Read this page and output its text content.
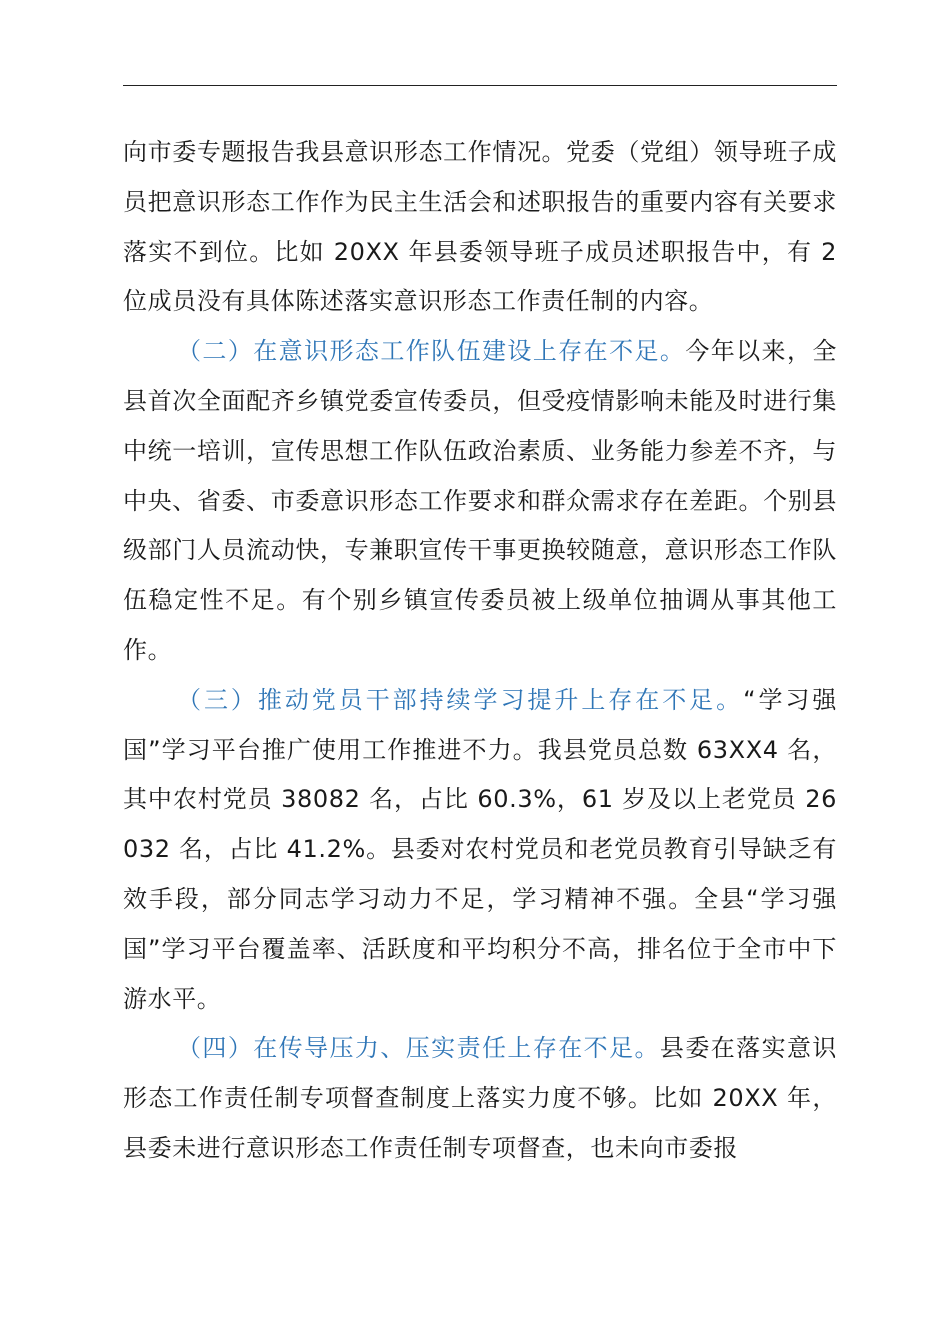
向市委专题报告我县意识形态工作情况。党委（党组）领导班子成员把意识形态工作作为民主生活会和述职报告的重要内容有关要求落实不到位。比如 20XX 年县委领导班子成员述职报告中，有 2 位成员没有具体陈述落实意识形态工作责任制的内容。

（二）在意识形态工作队伍建设上存在不足。今年以来，全县首次全面配齐乡镇党委宣传委员，但受疫情影响未能及时进行集中统一培训，宣传思想工作队伍政治素质、业务能力参差不齐，与中央、省委、市委意识形态工作要求和群众需求存在差距。个别县级部门人员流动快，专兼职宣传干事更换较随意，意识形态工作队伍稳定性不足。有个别乡镇宣传委员被上级单位抽调从事其他工作。

（三）推动党员干部持续学习提升上存在不足。“学习强国”学习平台推广使用工作推进不力。我县党员总数 63XX4 名，其中农村党员 38082 名，占比 60.3%，61 岁及以上老党员 26032 名，占比 41.2%。县委对农村党员和老党员教育引导缺乏有效手段，部分同志学习动力不足，学习精神不强。全县“学习强国”学习平台覆盖率、活跃度和平均积分不高，排名位于全市中下游水平。

（四）在传导压力、压实责任上存在不足。县委在落实意识形态工作责任制专项督查制度上落实力度不够。比如 20XX 年，县委未进行意识形态工作责任制专项督查，也未向市委报
